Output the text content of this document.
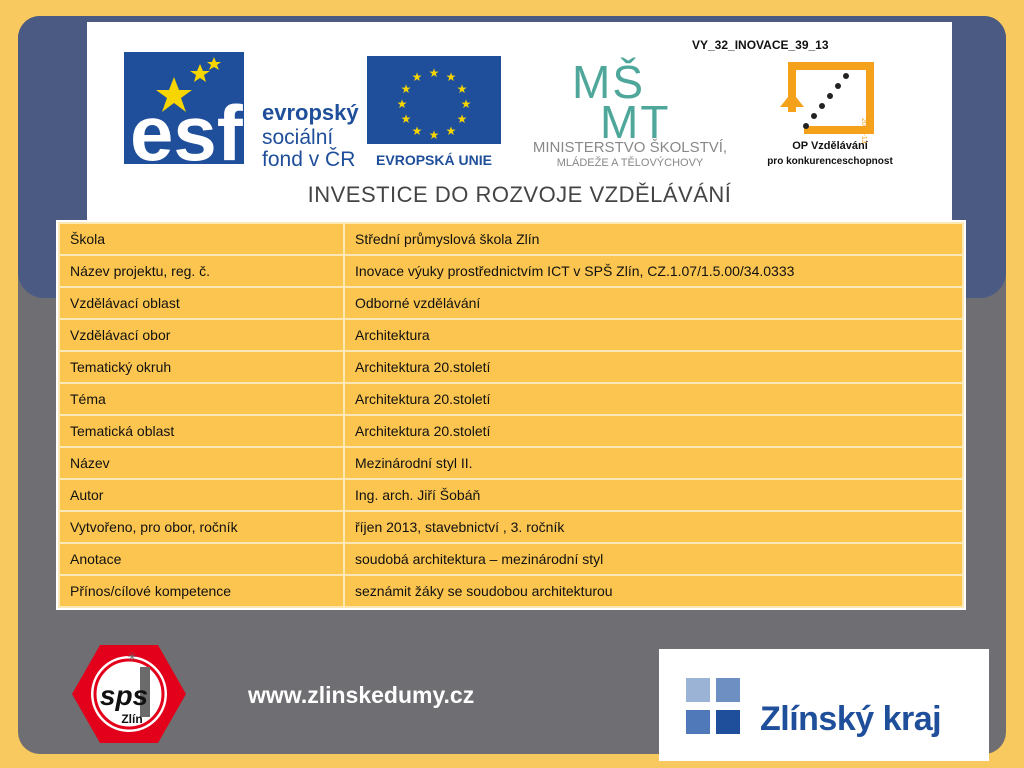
VY_32_INOVACE_39_13
esf evropský
sociální
fond v ČR
★ ★
★
★
★
★
★
★
★
★
★
★
EVROPSKÁ UNIE
MŠ
MT
MINISTERSTVO ŠKOLSTVÍ,
MLÁDEŽE A TĚLOVÝCHOVY
2007-13
OP Vzdělávání
pro konkurenceschopnost
INVESTICE DO ROZVOJE VZDĚLÁVÁNÍ
Škola	Střední průmyslová škola Zlín
Název projektu, reg. č.	Inovace výuky prostřednictvím ICT v SPŠ Zlín, CZ.1.07/1.5.00/34.0333
Vzdělávací oblast	Odborné vzdělávání
Vzdělávací obor	Architektura
Tematický okruh	Architektura 20.století
Téma	Architektura 20.století
Tematická oblast	Architektura 20.století
Název	Mezinárodní styl II.
Autor	Ing. arch. Jiří Šobáň
Vytvořeno, pro obor, ročník	říjen 2013, stavebnictví , 3. ročník
Anotace	soudobá architektura – mezinárodní styl
Přínos/cílové kompetence	seznámit žáky se soudobou architekturou
✳
sps
Zlín
www.zlinskedumy.cz
Zlínský kraj
